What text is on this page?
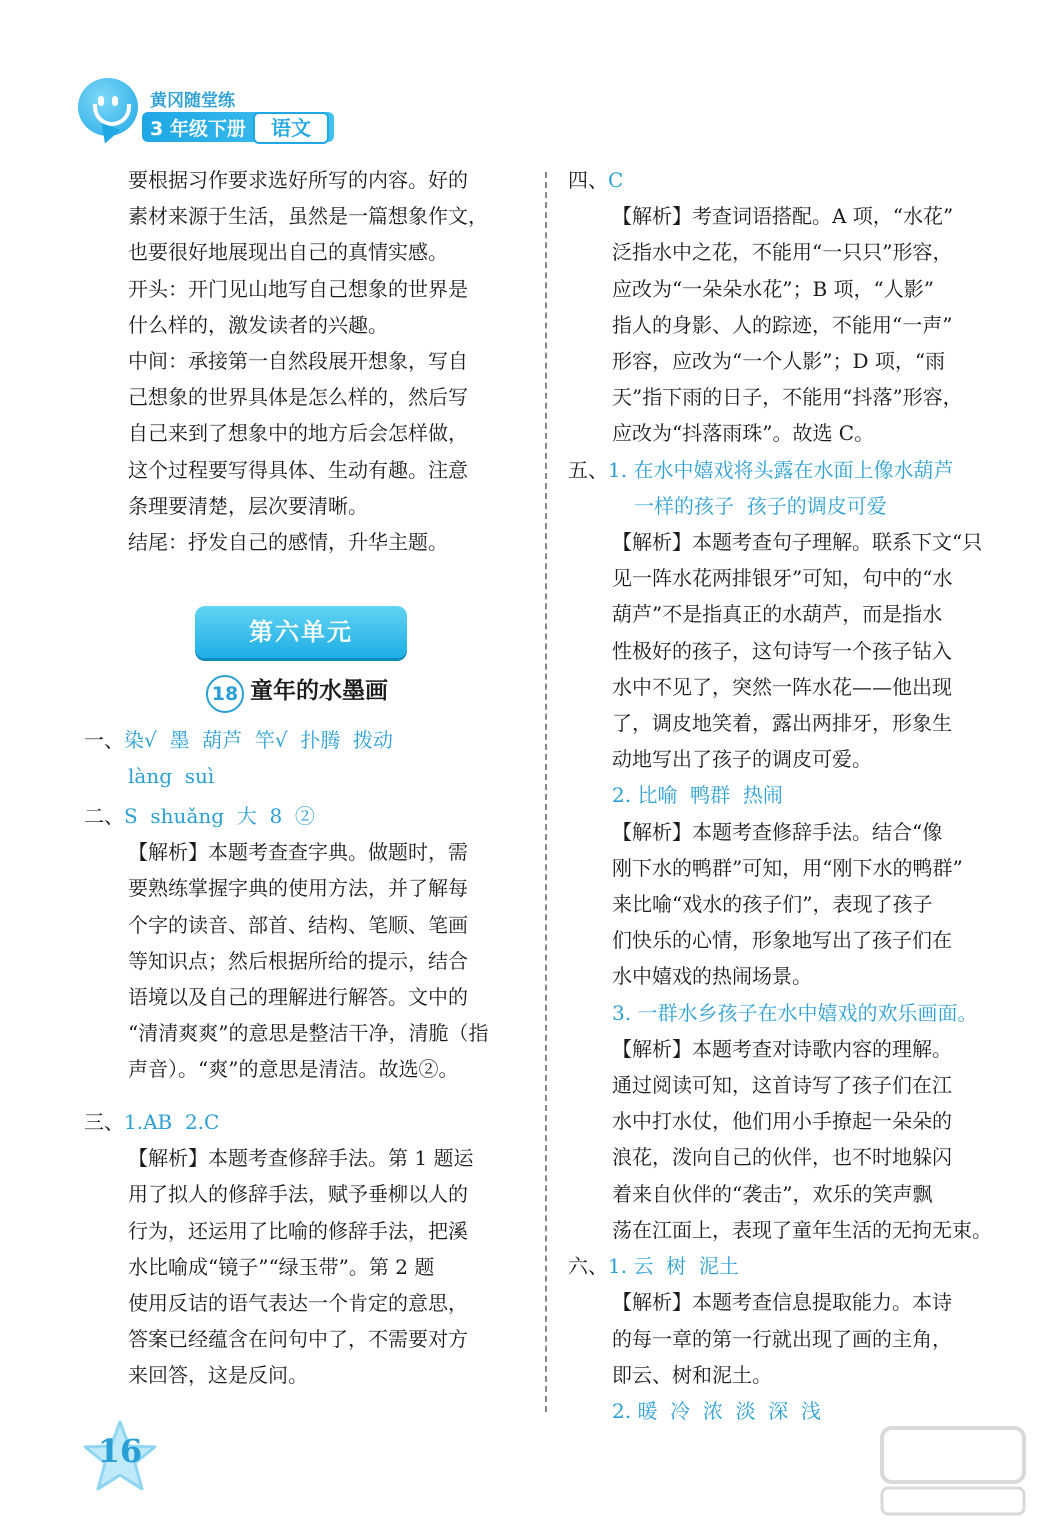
黄冈随堂练
3 年级下册	语文

要根据习作要求选好所写的内容。好的

素材来源于生活，虽然是一篇想象作文，

也要很好地展现出自己的真情实感。

开头：开门见山地写自己想象的世界是

什么样的，激发读者的兴趣。

中间：承接第一自然段展开想象，写自

己想象的世界具体是怎么样的，然后写

自己来到了想象中的地方后会怎样做，

这个过程要写得具体、生动有趣。注意

条理要清楚，层次要清晰。

结尾：抒发自己的感情，升华主题。

第六单元
18 童年的水墨画

一、染√  墨  葫芦  竿√  扑腾  拨动

làng  suì

二、S  shuǎng  大  8  ②

【解析】本题考查查字典。做题时，需

要熟练掌握字典的使用方法，并了解每

个字的读音、部首、结构、笔顺、笔画

等知识点；然后根据所给的提示，结合

语境以及自己的理解进行解答。文中的

“清清爽爽”的意思是整洁干净，清脆（指

声音）。“爽”的意思是清洁。故选②。

三、1.AB  2.C

【解析】本题考查修辞手法。第 1 题运

用了拟人的修辞手法，赋予垂柳以人的

行为，还运用了比喻的修辞手法，把溪

水比喻成“镜子”“绿玉带”。第 2 题

使用反诘的语气表达一个肯定的意思，

答案已经蕴含在问句中了，不需要对方

来回答，这是反问。

四、C

【解析】考查词语搭配。A 项，“水花”

泛指水中之花，不能用“一只只”形容，

应改为“一朵朵水花”；B 项，“人影”

指人的身影、人的踪迹，不能用“一声”

形容，应改为“一个人影”；D 项，“雨

天”指下雨的日子，不能用“抖落”形容，

应改为“抖落雨珠”。故选 C。

五、1. 在水中嬉戏将头露在水面上像水葫芦

一样的孩子  孩子的调皮可爱

【解析】本题考查句子理解。联系下文“只

见一阵水花两排银牙”可知，句中的“水

葫芦”不是指真正的水葫芦，而是指水

性极好的孩子，这句诗写一个孩子钻入

水中不见了，突然一阵水花——他出现

了，调皮地笑着，露出两排牙，形象生

动地写出了孩子的调皮可爱。

2. 比喻  鸭群  热闹

【解析】本题考查修辞手法。结合“像

刚下水的鸭群”可知，用“刚下水的鸭群”

来比喻“戏水的孩子们”，表现了孩子

们快乐的心情，形象地写出了孩子们在

水中嬉戏的热闹场景。

3. 一群水乡孩子在水中嬉戏的欢乐画面。

【解析】本题考查对诗歌内容的理解。

通过阅读可知，这首诗写了孩子们在江

水中打水仗，他们用小手撩起一朵朵的

浪花，泼向自己的伙伴，也不时地躲闪

着来自伙伴的“袭击”，欢乐的笑声飘

荡在江面上，表现了童年生活的无拘无束。

六、1. 云  树  泥土

【解析】本题考查信息提取能力。本诗

的每一章的第一行就出现了画的主角，

即云、树和泥土。

2. 暖  冷  浓  淡  深  浅

16
